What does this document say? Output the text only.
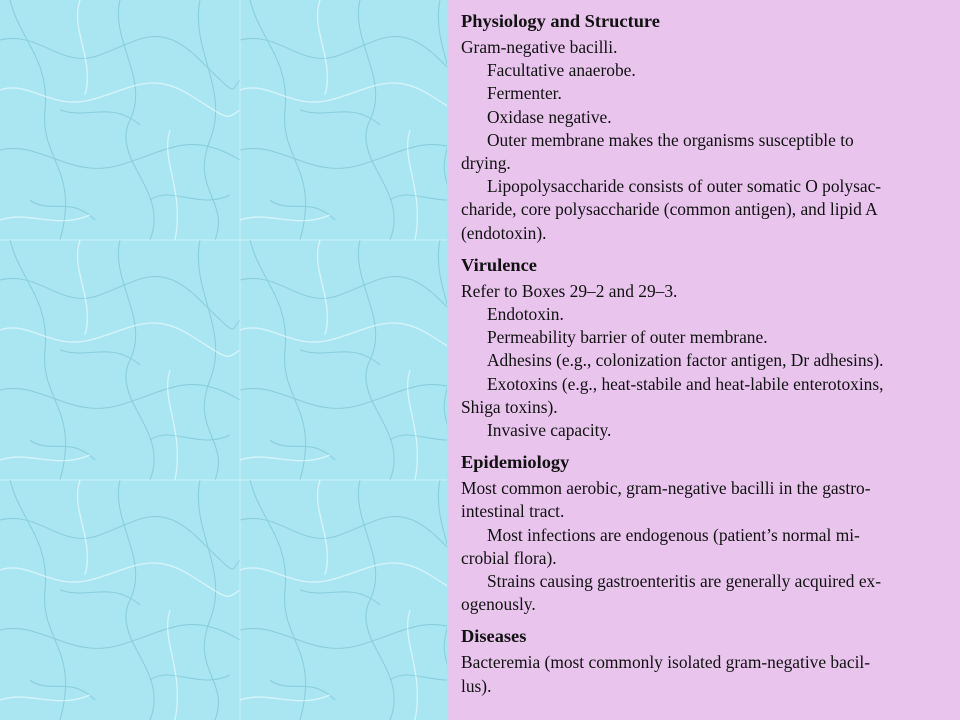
Physiology and Structure
Gram-negative bacilli.
Facultative anaerobe.
Fermenter.
Oxidase negative.
Outer membrane makes the organisms susceptible to
drying.
Lipopolysaccharide consists of outer somatic O polysac-
charide, core polysaccharide (common antigen), and lipid A
(endotoxin).
Virulence
Refer to Boxes 29–2 and 29–3.
Endotoxin.
Permeability barrier of outer membrane.
Adhesins (e.g., colonization factor antigen, Dr adhesins).
Exotoxins (e.g., heat-stabile and heat-labile enterotoxins,
Shiga toxins).
Invasive capacity.
Epidemiology
Most common aerobic, gram-negative bacilli in the gastro-
intestinal tract.
Most infections are endogenous (patient’s normal mi-
crobial flora).
Strains causing gastroenteritis are generally acquired ex-
ogenously.
Diseases
Bacteremia (most commonly isolated gram-negative bacil-
lus).
